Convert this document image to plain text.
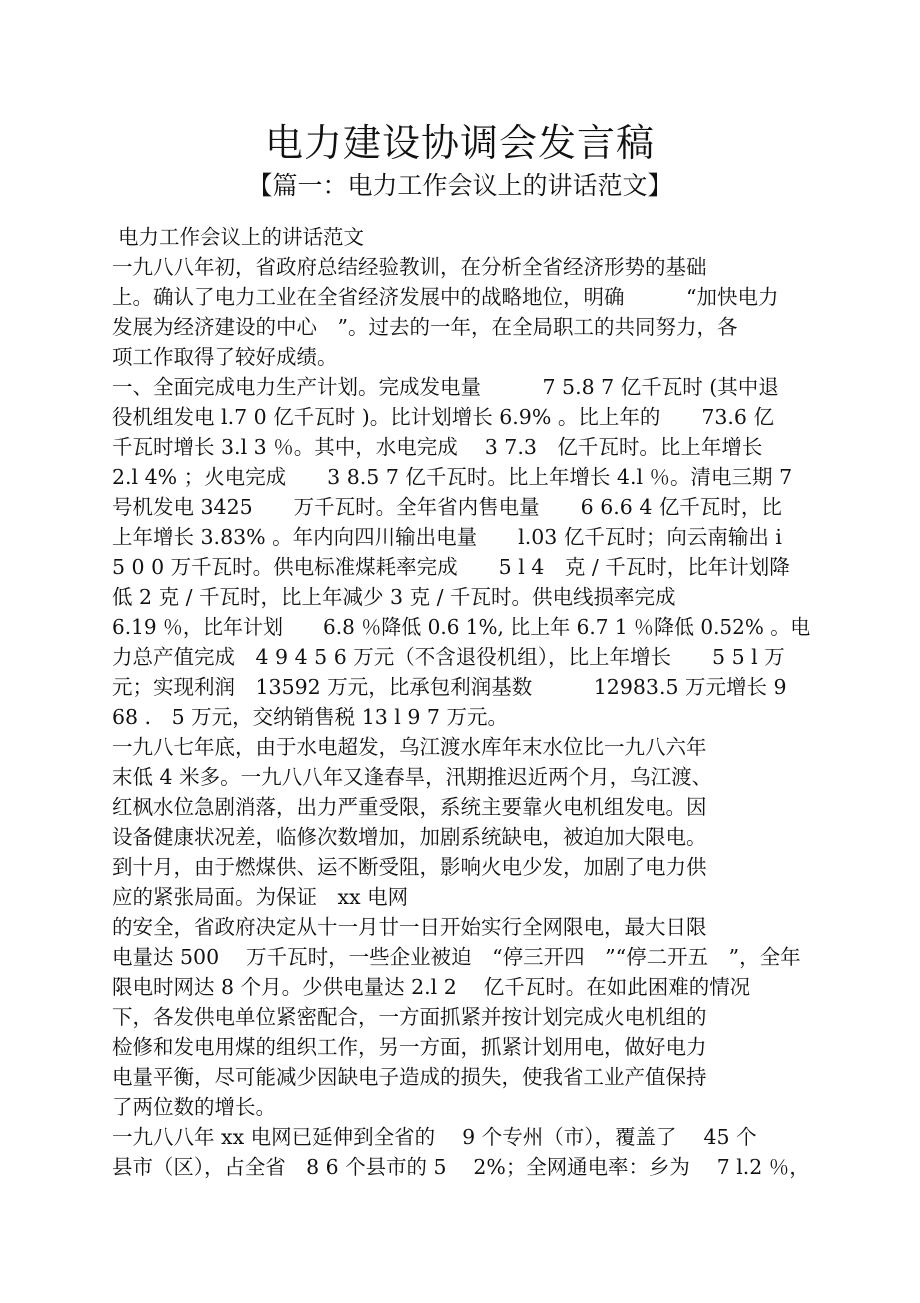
电力建设协调会发言稿
【篇一：电力工作会议上的讲话范文】
电力工作会议上的讲话范文
一九八八年初，省政府总结经验教训，在分析全省经济形势的基础
上。确认了电力工业在全省经济发展中的战略地位，明确　　　“加快电力
发展为经济建设的中心　”。过去的一年，在全局职工的共同努力，各
项工作取得了较好成绩。
一、全面完成电力生产计划。完成发电量　　　7 5.8 7 亿千瓦时 (其中退
役机组发电 l.7 0 亿千瓦时 )。比计划增长 6.9% 。比上年的　　73.6 亿
千瓦时增长 3.l 3 ％。其中，水电完成　 3 7.3　亿千瓦时。比上年增长
2.l 4% ；火电完成　　3 8.5 7 亿千瓦时。比上年增长 4.l ％。清电三期 7
号机发电 3425　　万千瓦时。全年省内售电量　　6 6.6 4 亿千瓦时，比
上年增长 3.83% 。年内向四川输出电量　　l.03 亿千瓦时；向云南输出 i
5 0 0 万千瓦时。供电标准煤耗率完成　　5 l 4　克 / 千瓦时，比年计划降
低 2 克 / 千瓦时，比上年减少 3 克 / 千瓦时。供电线损率完成
6.19 ％，比年计划　　6.8 ％降低 0.6 1%, 比上年 6.7 1 ％降低 0.52% 。电
力总产值完成　4 9 4 5 6 万元（不含退役机组），比上年增长　　5 5 l 万
元；实现利润　13592 万元，比承包利润基数　　　12983.5 万元增长 9
68 ． 5 万元，交纳销售税 13 l 9 7 万元。
一九八七年底，由于水电超发，乌江渡水库年末水位比一九八六年
末低 4 米多。一九八八年又逢春旱，汛期推迟近两个月，乌江渡、
红枫水位急剧消落，出力严重受限，系统主要靠火电机组发电。因
设备健康状况差，临修次数增加，加剧系统缺电，被迫加大限电。
到十月，由于燃煤供、运不断受阻，影响火电少发，加剧了电力供
应的紧张局面。为保证　xx 电网
的安全，省政府决定从十一月廿一日开始实行全网限电，最大日限
电量达 500　 万千瓦时，一些企业被迫　“停三开四　”“停二开五　”，全年
限电时网达 8 个月。少供电量达 2.l 2　 亿千瓦时。在如此困难的情况
下，各发供电单位紧密配合，一方面抓紧并按计划完成火电机组的
检修和发电用煤的组织工作，另一方面，抓紧计划用电，做好电力
电量平衡，尽可能减少因缺电子造成的损失，使我省工业产值保持
了两位数的增长。
一九八八年 xx 电网已延伸到全省的　 9 个专州（市），覆盖了　 45 个
县市（区），占全省　8 6 个县市的 5　 2%；全网通电率：乡为　 7 l.2 ％，
